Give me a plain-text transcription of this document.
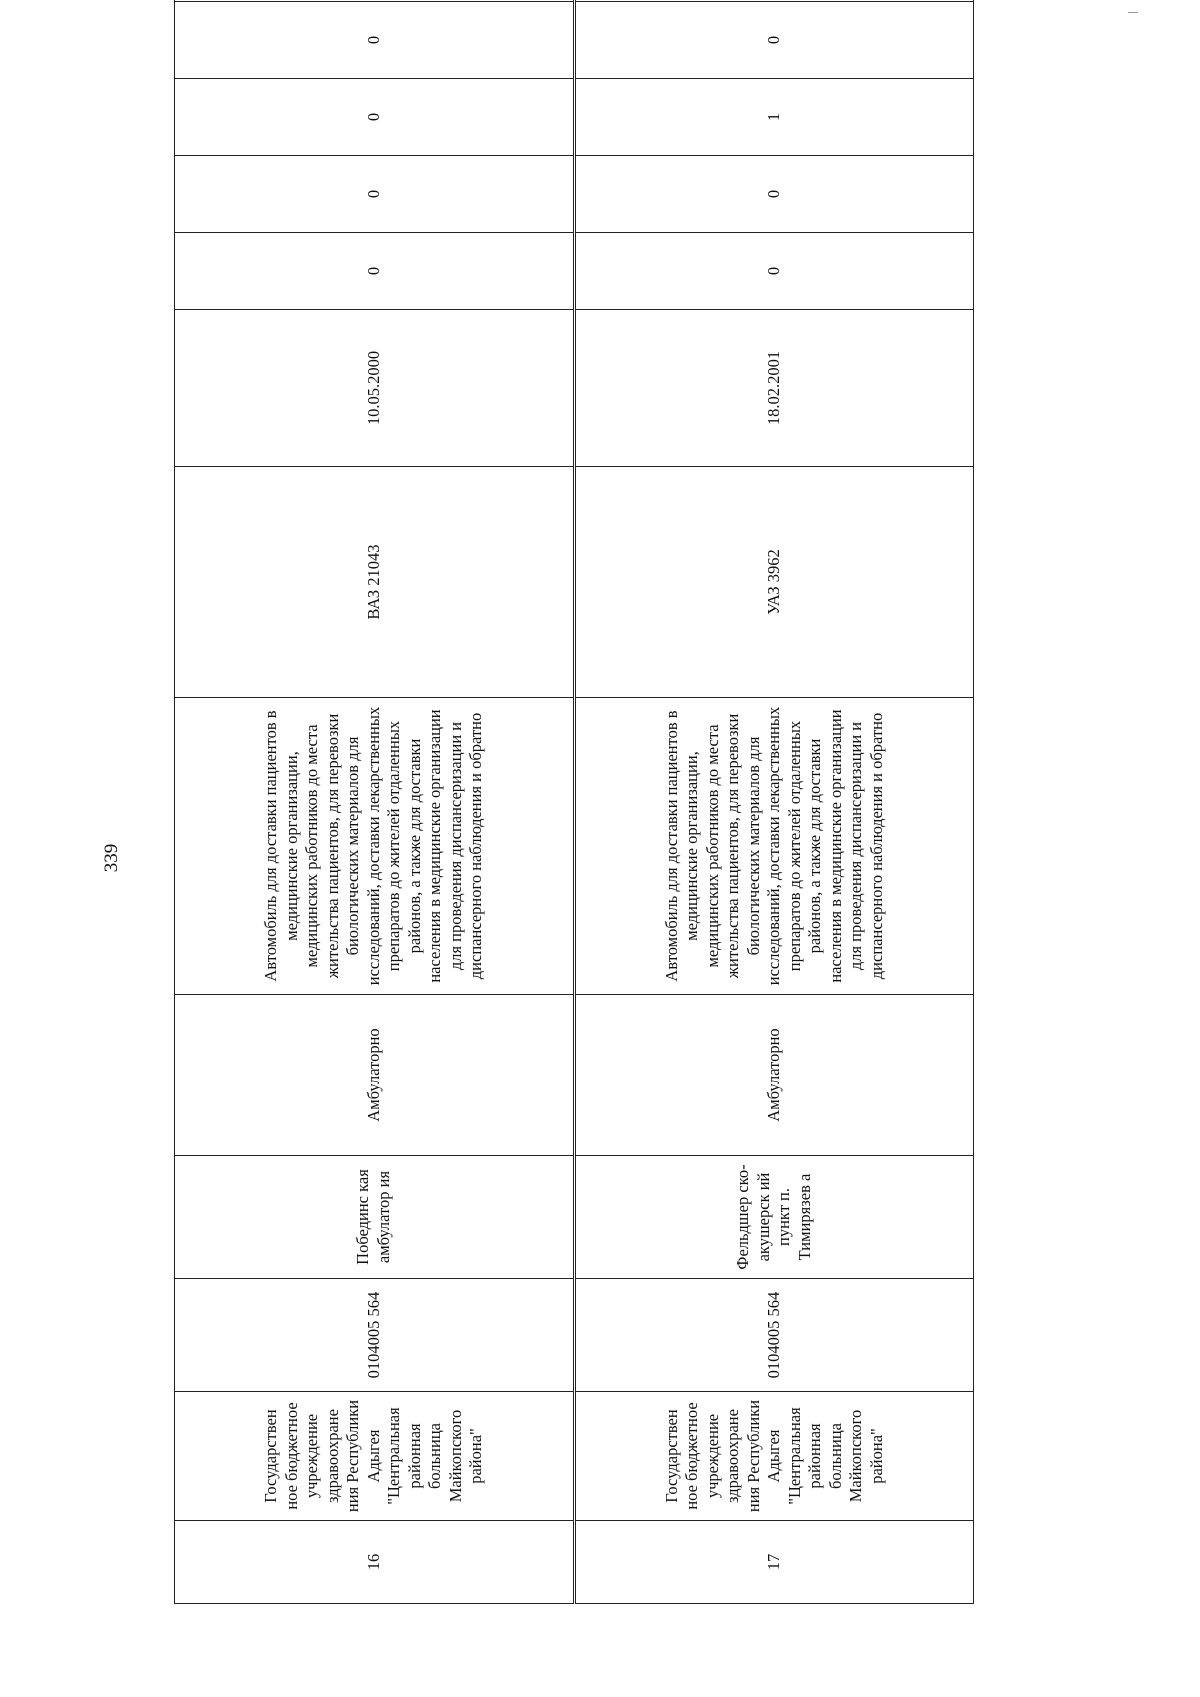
339
16	Государствен ное бюджетное учреждение здравоохране ния Республики Адыгея "Центральная районная больница Майкопского района"	0104005 564	Побединс кая амбулатор ия	Амбулаторно	Автомобиль для доставки пациентов в медицинские организации, медицинских работников до места жительства пациентов, для перевозки биологических материалов для исследований, доставки лекарственных препаратов до жителей отдаленных районов, а также для доставки населения в медицинские организации для проведения диспансеризации и диспансерного наблюдения и обратно	ВАЗ 21043	10.05.2000	0	0	0	0	
17	Государствен ное бюджетное учреждение здравоохране ния Республики Адыгея "Центральная районная больница Майкопского района"	0104005 564	Фельдшер ско-акушерск ий пункт п. Тимирязев а	Амбулаторно	Автомобиль для доставки пациентов в медицинские организации, медицинских работников до места жительства пациентов, для перевозки биологических материалов для исследований, доставки лекарственных препаратов до жителей отдаленных районов, а также для доставки населения в медицинские организации для проведения диспансеризации и диспансерного наблюдения и обратно	УАЗ 3962	18.02.2001	0	0	1	0	
